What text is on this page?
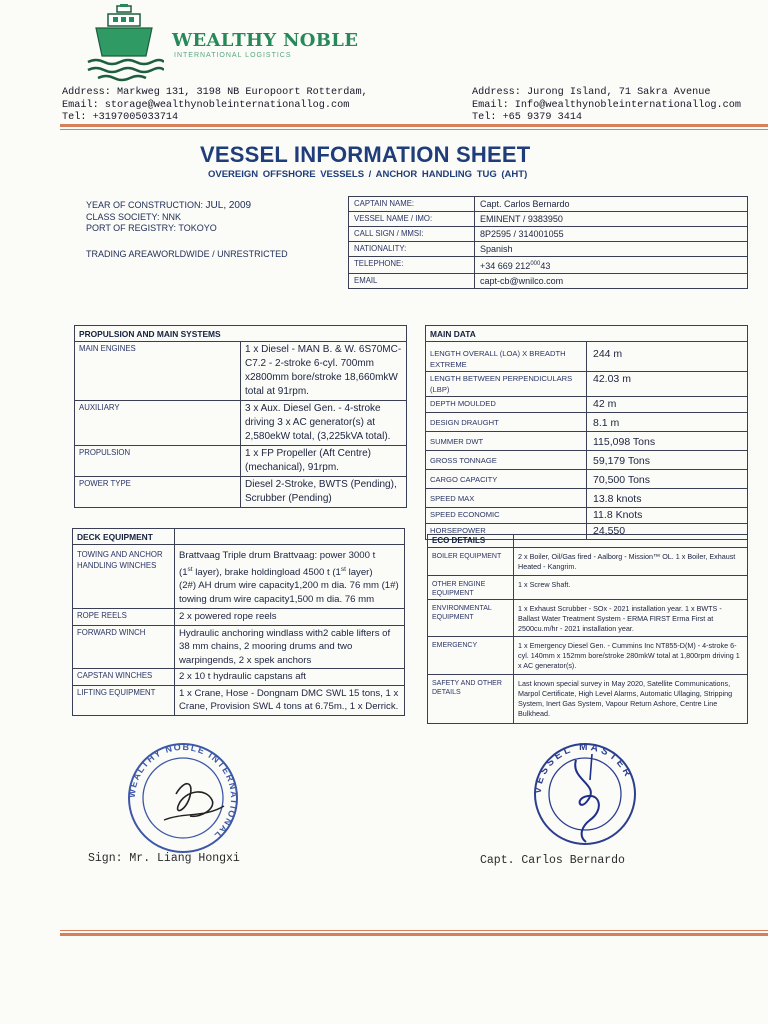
WEALTHY NOBLE
INTERNATIONAL LOGISTICS
Address: Markweg 131, 3198 NB Europoort Rotterdam,
Email: storage@wealthynobleinternationallog.com
Tel: +3197005033714
Address: Jurong Island, 71 Sakra Avenue
Email: Info@wealthynobleinternationallog.com
Tel: +65 9379 3414
VESSEL INFORMATION SHEET
OVEREIGN OFFSHORE VESSELS / ANCHOR HANDLING TUG (AHT)
YEAR OF CONSTRUCTION: JUL, 2009
CLASS SOCIETY: NNK
PORT OF REGISTRY: TOKOYO
TRADING AREAWORLDWIDE / UNRESTRICTED
CAPTAIN NAME:	Capt. Carlos Bernardo
VESSEL NAME / IMO:	EMINENT / 9383950
CALL SIGN / MMSI:	8P2595 / 314001055
NATIONALITY:	Spanish
TELEPHONE:	+34 669 $212^{000}43$
EMAIL	capt-cb@wnilco.com
PROPULSION AND MAIN SYSTEMS	
MAIN ENGINES	1 x Diesel - MAN B. & W. 6S70MC-C7.2 - 2-stroke 6-cyl. 700mm x2800mm bore/stroke 18,660mkW total at 91rpm.
AUXILIARY	3 x Aux. Diesel Gen. - 4-stroke driving 3 x AC generator(s) at 2,580ekW total, (3,225kVA total).
PROPULSION	1 x FP Propeller (Aft Centre) (mechanical), 91rpm.
POWER TYPE	Diesel 2-Stroke, BWTS (Pending), Scrubber (Pending)
MAIN DATA	
LENGTH OVERALL (LOA) X BREADTH EXTREME	244 m
LENGTH BETWEEN PERPENDICULARS (LBP)	42.03 m
DEPTH MOULDED	42 m
DESIGN DRAUGHT	8.1 m
SUMMER DWT	115,098 Tons
GROSS TONNAGE	59,179 Tons
CARGO CAPACITY	70,500 Tons
SPEED MAX	13.8 knots
SPEED ECONOMIC	11.8 Knots
HORSEPOWER	24,550
DECK EQUIPMENT	
TOWING AND ANCHOR HANDLING WINCHES	Brattvaag Triple drum Brattvaag: power 3000 t
(1st layer), brake holdingload 4500 t (1st layer)
(2#) AH drum wire capacity1,200 m dia. 76 mm (1#) towing drum wire capacity1,500 m dia. 76 mm

ROPE REELS	2 x powered rope reels
FORWARD WINCH	Hydraulic anchoring windlass with2 cable lifters of 38 mm chains, 2 mooring drums and two warpingends, 2 x spek anchors
CAPSTAN WINCHES	2 x 10 t hydraulic capstans aft
LIFTING EQUIPMENT	1 x Crane, Hose - Dongnam DMC SWL 15 tons, 1 x Crane, Provision SWL 4 tons at 6.75m., 1 x Derrick.
ECO DETAILS	
BOILER EQUIPMENT	2 x Boiler, Oil/Gas fired - Aalborg - Mission™ OL. 1 x Boiler, Exhaust Heated - Kangrim.
OTHER ENGINE EQUIPMENT	1 x Screw Shaft.
ENVIRONMENTAL EQUIPMENT	1 x Exhaust Scrubber - SOx - 2021 installation year. 1 x BWTS - Ballast Water Treatment System - ERMA FIRST Erma First at 2500cu.m/hr - 2021 installation year.
EMERGENCY	1 x Emergency Diesel Gen. - Cummins Inc NT855-D(M) - 4-stroke 6-cyl. 140mm x 152mm bore/stroke 280mkW total at 1,800rpm driving 1 x AC generator(s).
SAFETY AND OTHER DETAILS	Last known special survey in May 2020, Satellite Communications, Marpol Certificate, High Level Alarms, Automatic Ullaging, Stripping System, Inert Gas System, Vapour Return Ashore, Centre Line Bulkhead.
WEALTHY NOBLE INTERNATIONAL
Sign: Mr. Liang Hongxi
VESSEL MASTER
Capt. Carlos Bernardo
